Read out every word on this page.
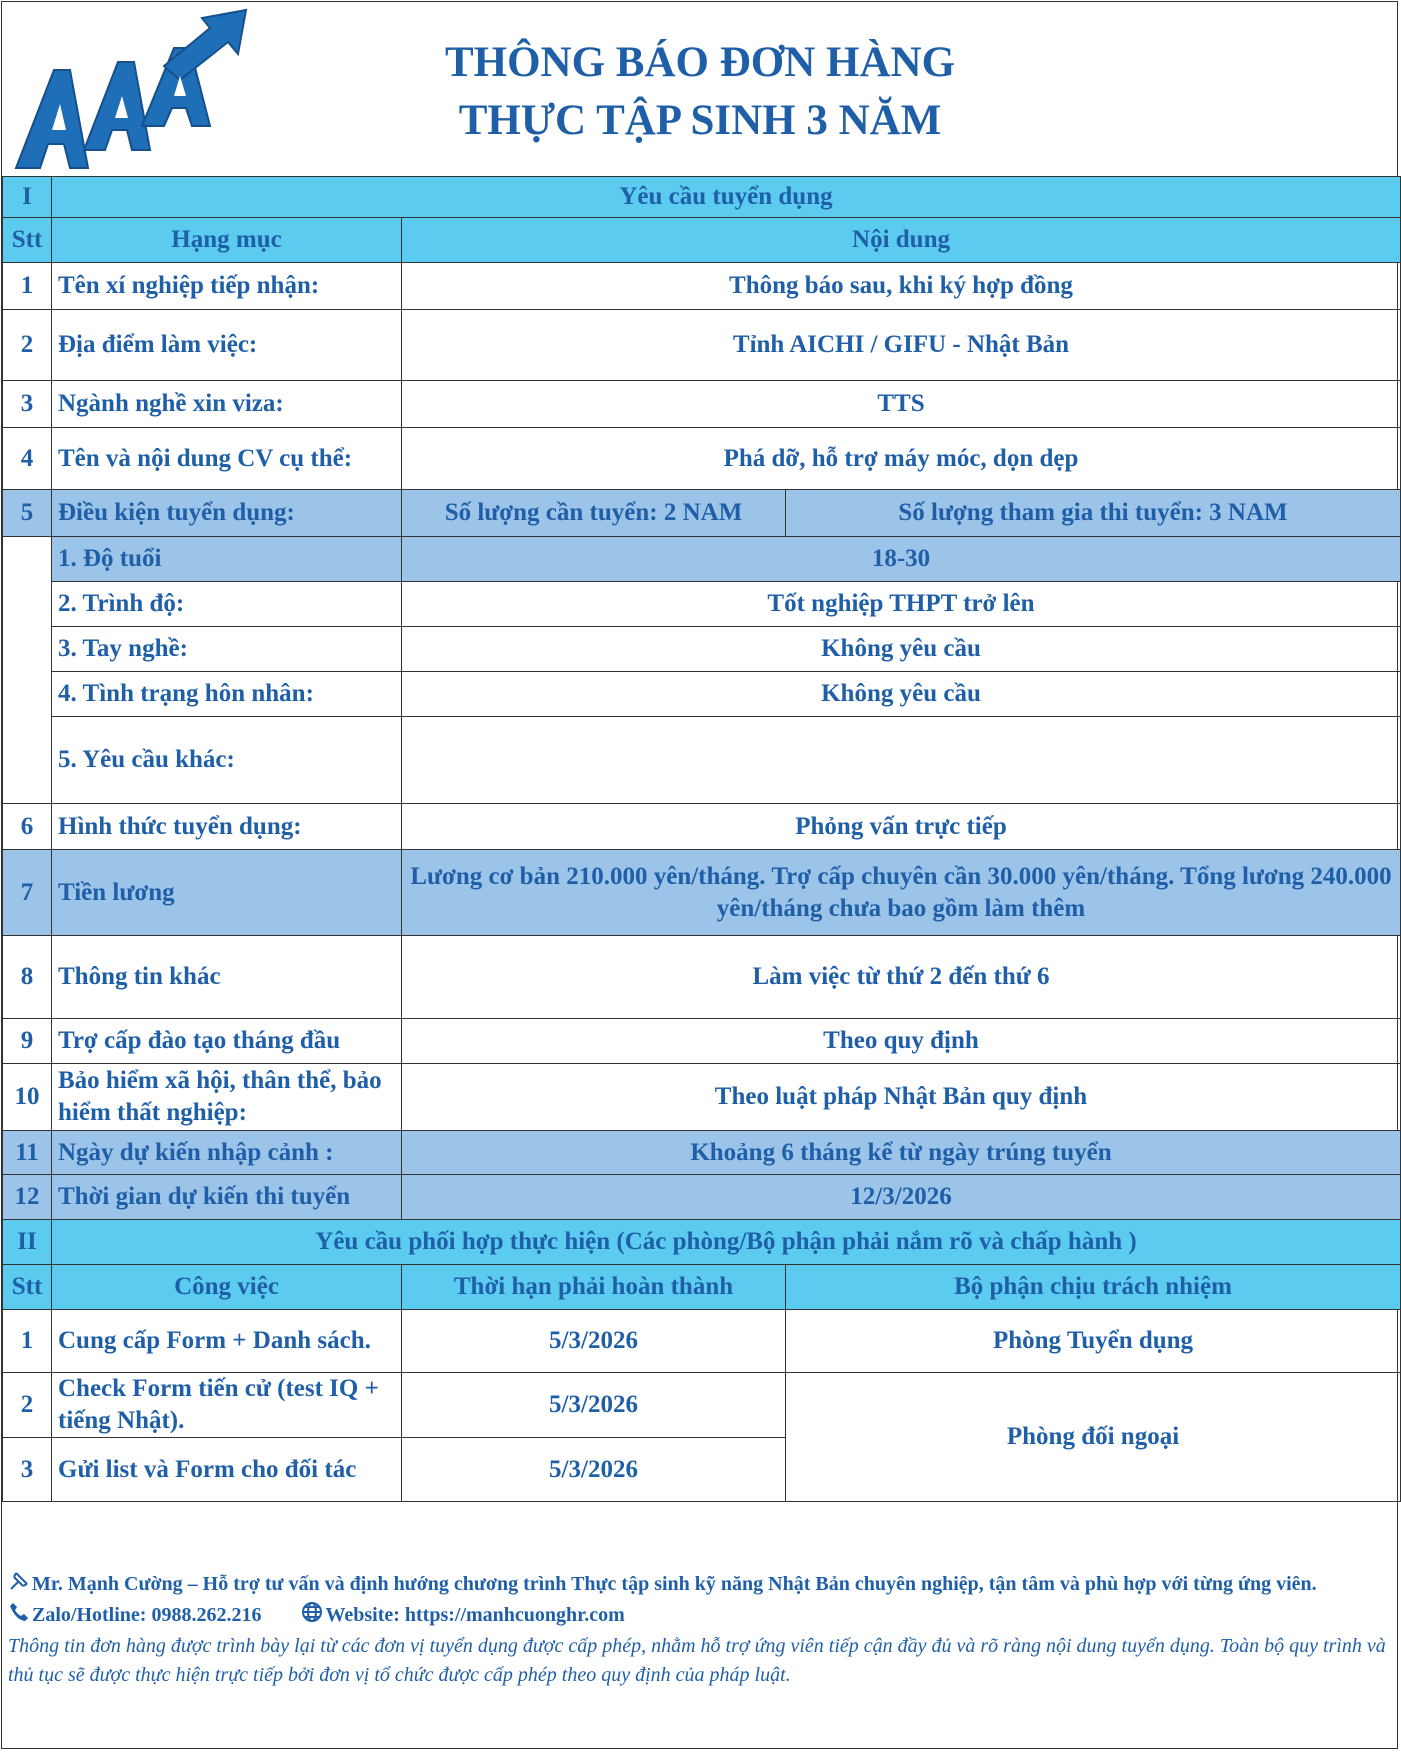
THÔNG BÁO ĐƠN HÀNG
THỰC TẬP SINH 3 NĂM
I	Yêu cầu tuyển dụng		
Stt	Hạng mục	Nội dung	
1	Tên xí nghiệp tiếp nhận:	Thông báo sau, khi ký hợp đồng	
2	Địa điểm làm việc:	Tỉnh AICHI / GIFU - Nhật Bản	
3	Ngành nghề xin viza:	TTS	
4	Tên và nội dung CV cụ thể:	Phá dỡ, hỗ trợ máy móc, dọn dẹp	
5	Điều kiện tuyển dụng:	Số lượng cần tuyển: 2 NAM	Số lượng tham gia thi tuyển: 3 NAM
	1. Độ tuổi	18-30	
	2. Trình độ:	Tốt nghiệp THPT trở lên	
	3. Tay nghề:	Không yêu cầu	
	4. Tình trạng hôn nhân:	Không yêu cầu	
	5. Yêu cầu khác:		
6	Hình thức tuyển dụng:	Phỏng vấn trực tiếp	
7	Tiền lương	Lương cơ bản 210.000 yên/tháng. Trợ cấp chuyên cần 30.000 yên/tháng. Tổng lương 240.000 yên/tháng chưa bao gồm làm thêm	
8	Thông tin khác	Làm việc từ thứ 2 đến thứ 6	
9	Trợ cấp đào tạo tháng đầu	Theo quy định	
10	Bảo hiểm xã hội, thân thể, bảo hiểm thất nghiệp:	Theo luật pháp Nhật Bản quy định	
11	Ngày dự kiến nhập cảnh :	Khoảng 6 tháng kể từ ngày trúng tuyển	
12	Thời gian dự kiến thi tuyển	12/3/2026	
II	Yêu cầu phối hợp thực hiện (Các phòng/Bộ phận phải nắm rõ và chấp hành )		
Stt	Công việc	Thời hạn phải hoàn thành	Bộ phận chịu trách nhiệm
1	Cung cấp Form + Danh sách.	5/3/2026	Phòng Tuyển dụng
2	Check Form tiến cử (test IQ + tiếng Nhật).	5/3/2026	Phòng đối ngoại
3	Gửi list và Form cho đối tác	5/3/2026	
Mr. Mạnh Cường – Hỗ trợ tư vấn và định hướng chương trình Thực tập sinh kỹ năng Nhật Bản chuyên nghiệp, tận tâm và phù hợp với từng ứng viên.
Zalo/Hotline: 0988.262.216	Website: https://manhcuonghr.com
Thông tin đơn hàng được trình bày lại từ các đơn vị tuyển dụng được cấp phép, nhằm hỗ trợ ứng viên tiếp cận đầy đủ và rõ ràng nội dung tuyển dụng. Toàn bộ quy trình và thủ tục sẽ được thực hiện trực tiếp bởi đơn vị tổ chức được cấp phép theo quy định của pháp luật.
